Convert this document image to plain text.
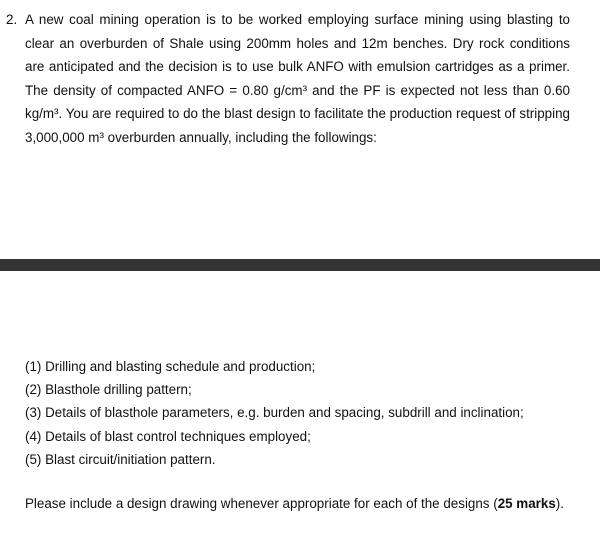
2. A new coal mining operation is to be worked employing surface mining using blasting to clear an overburden of Shale using 200mm holes and 12m benches. Dry rock conditions are anticipated and the decision is to use bulk ANFO with emulsion cartridges as a primer. The density of compacted ANFO = 0.80 g/cm³ and the PF is expected not less than 0.60 kg/m³. You are required to do the blast design to facilitate the production request of stripping 3,000,000 m³ overburden annually, including the followings:

(1) Drilling and blasting schedule and production;
(2) Blasthole drilling pattern;
(3) Details of blasthole parameters, e.g. burden and spacing, subdrill and inclination;
(4) Details of blast control techniques employed;
(5) Blast circuit/initiation pattern.

Please include a design drawing whenever appropriate for each of the designs (25 marks).
